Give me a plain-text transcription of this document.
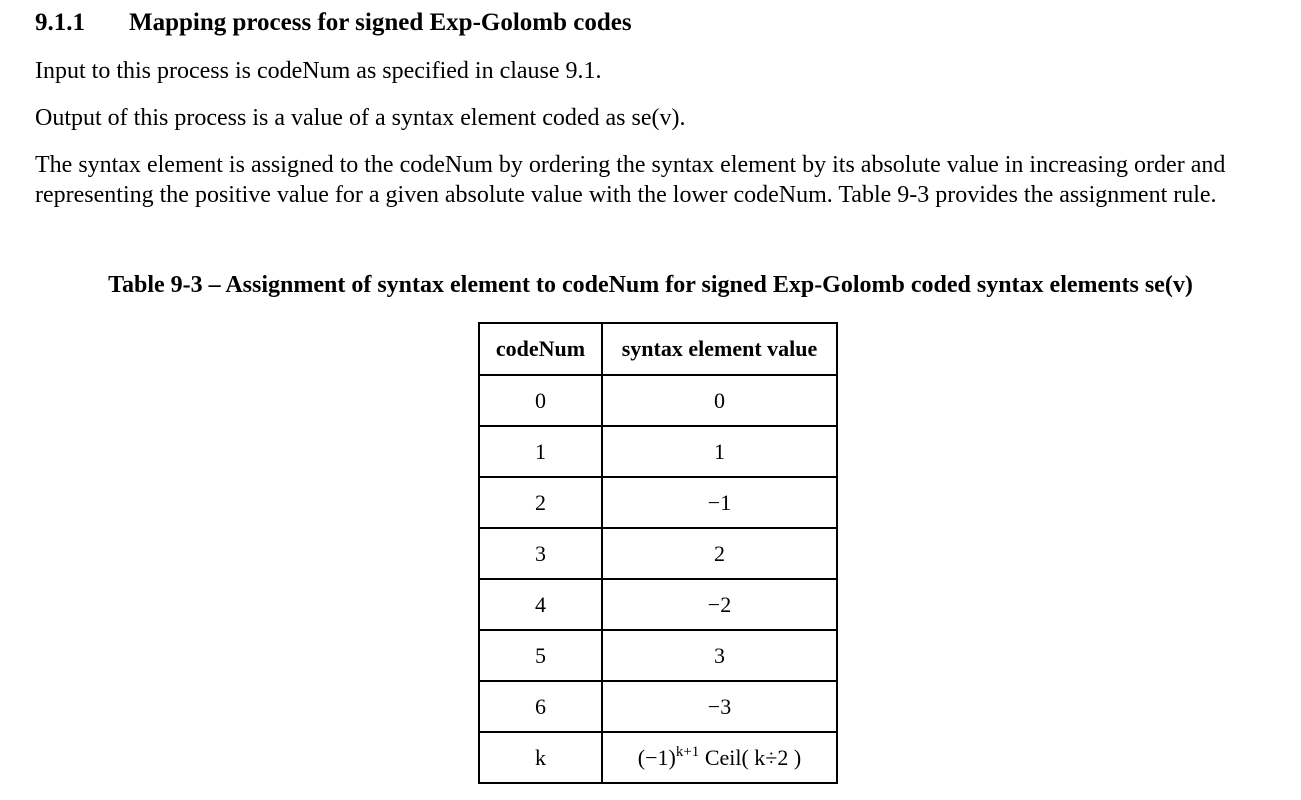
9.1.1 Mapping process for signed Exp-Golomb codes
Input to this process is codeNum as specified in clause 9.1.
Output of this process is a value of a syntax element coded as se(v).
The syntax element is assigned to the codeNum by ordering the syntax element by its absolute value in increasing order and representing the positive value for a given absolute value with the lower codeNum. Table 9-3 provides the assignment rule.
Table 9-3 – Assignment of syntax element to codeNum for signed Exp-Golomb coded syntax elements se(v)
codeNum	syntax element value
0	0
1	1
2	−1
3	2
4	−2
5	3
6	−3
k	$(-1)^{k+1}$ Ceil( k÷2 )
